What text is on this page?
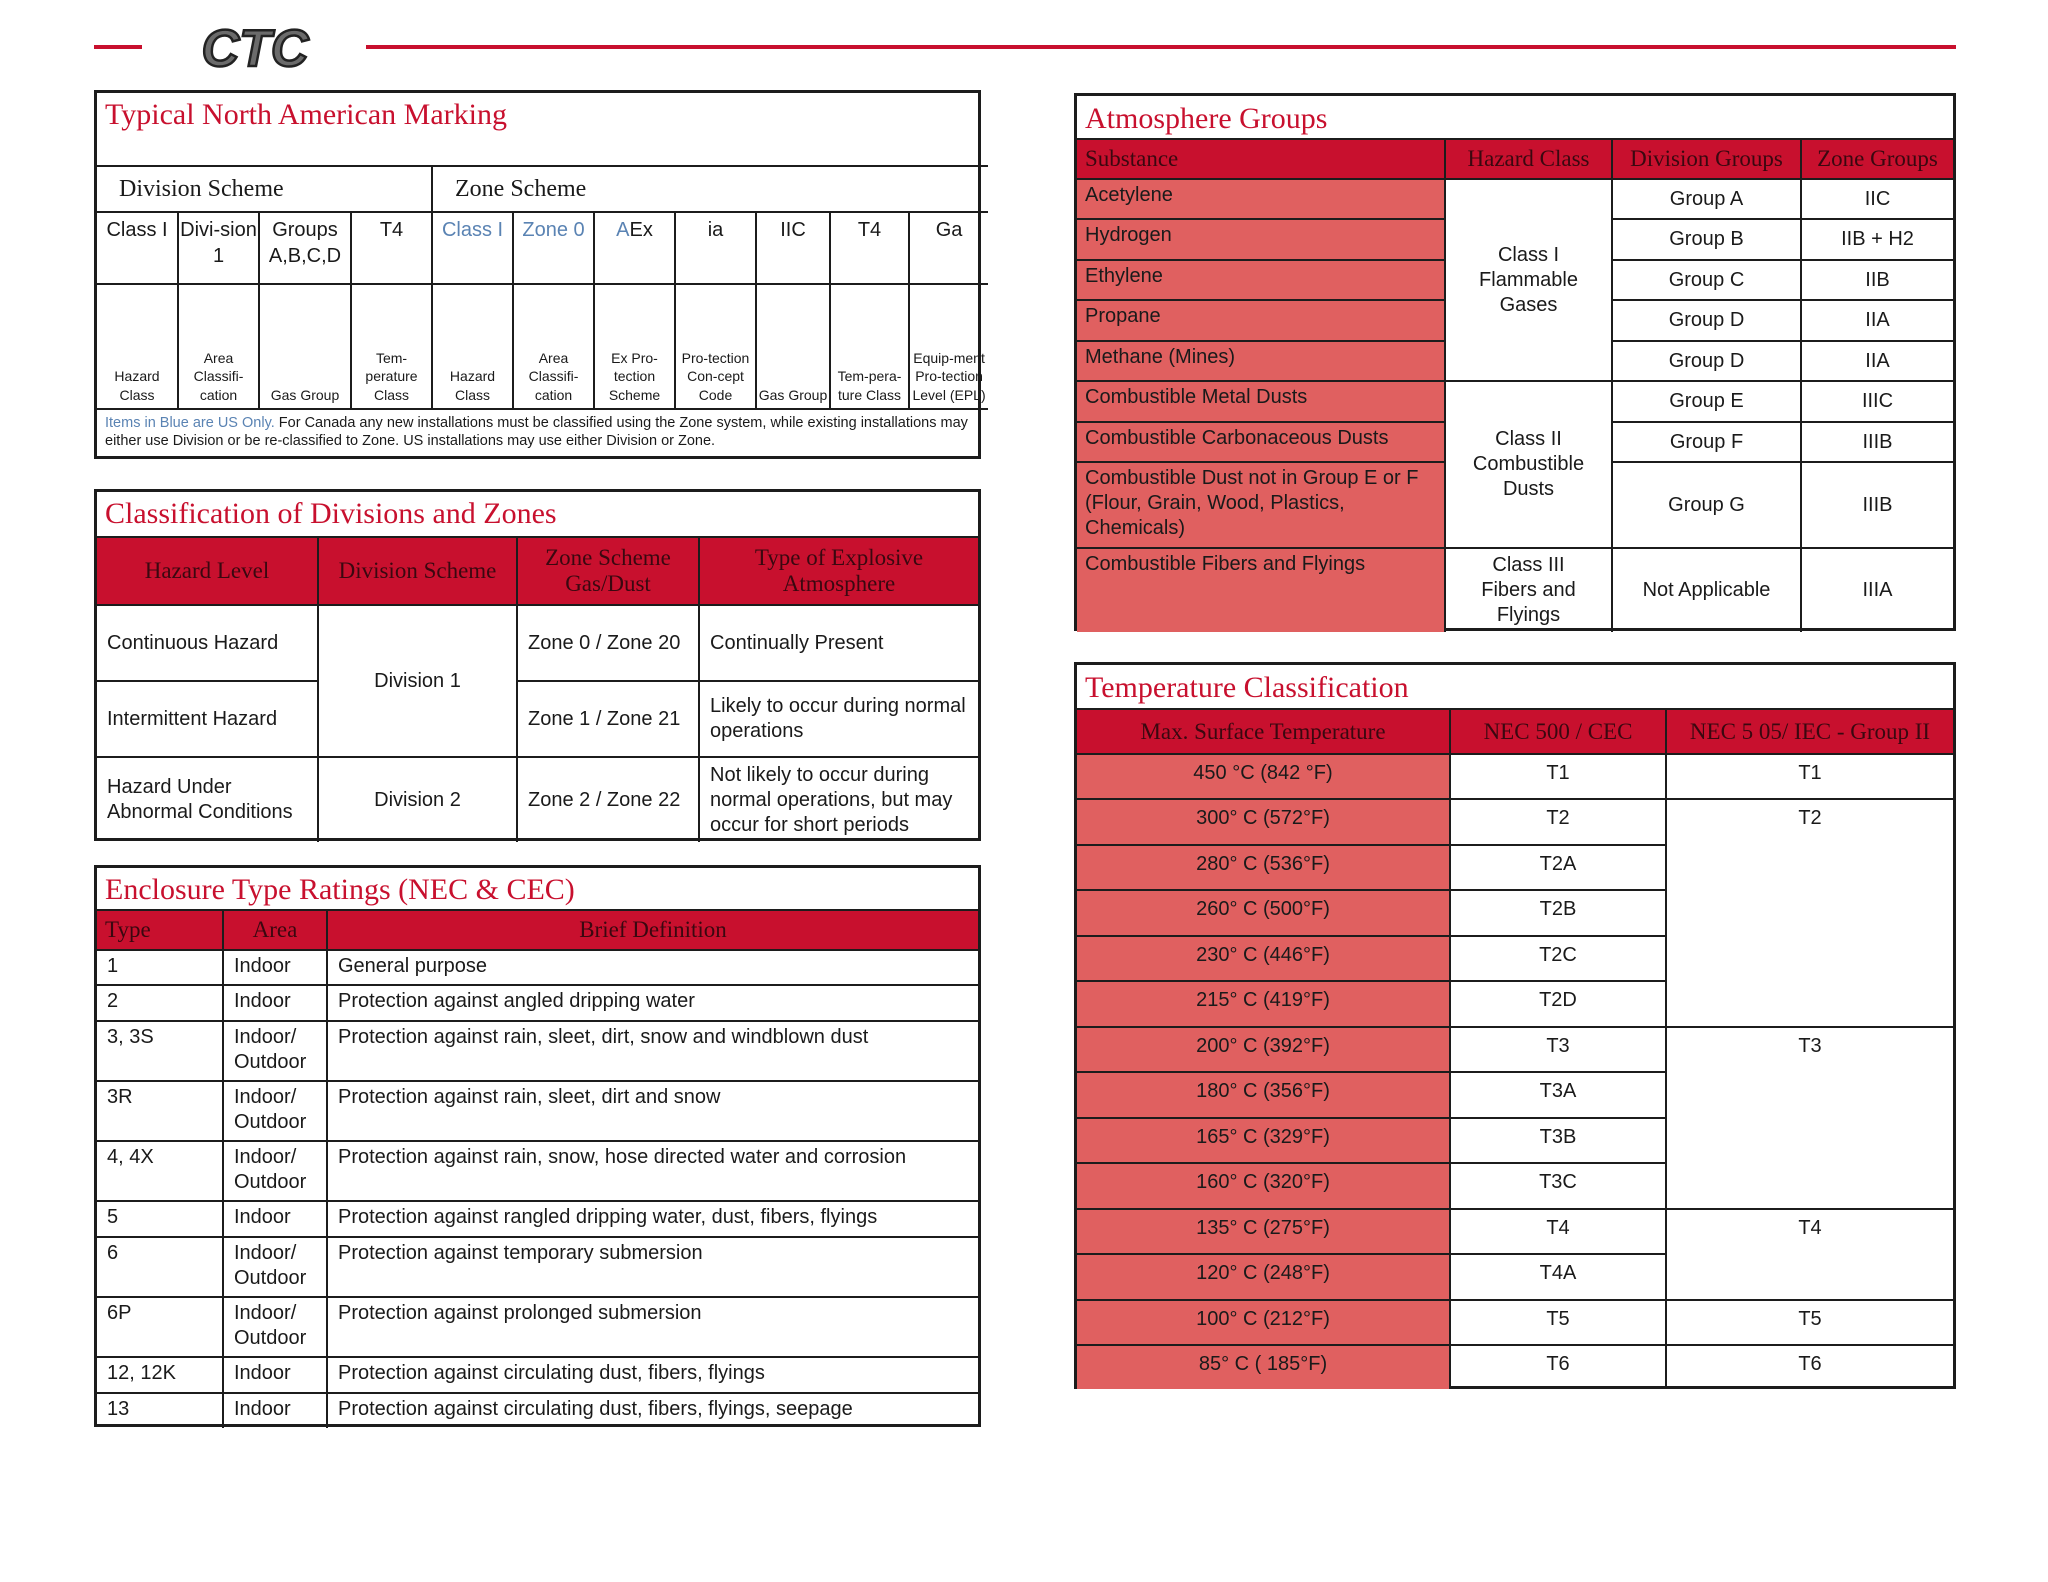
CTC
Typical North American Marking										

Division Scheme				Zone Scheme						
Class I	Divi-sion 1	Groups A,B,C,D	T4	Class I	Zone 0	AEx	ia	IIC	T4	Ga
Hazard Class	Area Classifi-cation	Gas Group	Tem-perature Class	Hazard Class	Area Classifi-cation	Ex Pro-tection Scheme	Pro-tection Con-cept Code	Gas Group	Tem-pera-ture Class	Equip-ment Pro-tection Level (EPL)
Items in Blue are US Only. For Canada any new installations must be classified using the Zone system, while existing installations may either use Division or be re-classified to Zone. US installations may use either Division or Zone.										
Classification of Divisions and Zones
Hazard Level	Division Scheme	Zone Scheme Gas/Dust	Type of Explosive Atmosphere
Continuous Hazard	Division 1	Zone 0 / Zone 20	Continually Present
Intermittent Hazard		Zone 1 / Zone 21	Likely to occur during normal operations
Hazard Under Abnormal Conditions	Division 2	Zone 2 / Zone 22	Not likely to occur during normal operations, but may occur for short periods
Enclosure Type Ratings (NEC & CEC)
Type	Area	Brief Definition
1	Indoor	General purpose
2	Indoor	Protection against angled dripping water
3, 3S	Indoor/ Outdoor	Protection against rain, sleet, dirt, snow and windblown dust
3R	Indoor/ Outdoor	Protection against rain, sleet, dirt and snow
4, 4X	Indoor/ Outdoor	Protection against rain, snow, hose directed water and corrosion
5	Indoor	Protection against rangled dripping water, dust, fibers, flyings
6	Indoor/ Outdoor	Protection against temporary submersion
6P	Indoor/ Outdoor	Protection against prolonged submersion
12, 12K	Indoor	Protection against circulating dust, fibers, flyings
13	Indoor	Protection against circulating dust, fibers, flyings, seepage
Atmosphere Groups
Substance	Hazard Class	Division Groups	Zone Groups
Acetylene	Class I Flammable Gases	Group A	IIC
Hydrogen		Group B	IIB + H2
Ethylene		Group C	IIB
Propane		Group D	IIA
Methane (Mines)		Group D	IIA
Combustible Metal Dusts	Class II Combustible Dusts	Group E	IIIC
Combustible Carbonaceous Dusts		Group F	IIIB
Combustible Dust not in Group E or F (Flour, Grain, Wood, Plastics, Chemicals)		Group G	IIIB
Combustible Fibers and Flyings	Class III Fibers and Flyings	Not Applicable	IIIA
Temperature Classification
Max. Surface Temperature	NEC 500 / CEC	NEC 5 05/ IEC - Group II
450 °C (842 °F)	T1	T1
300° C (572°F)	T2	T2
280° C (536°F)	T2A	
260° C (500°F)	T2B	
230° C (446°F)	T2C	
215° C (419°F)	T2D	
200° C (392°F)	T3	T3
180° C (356°F)	T3A	
165° C (329°F)	T3B	
160° C (320°F)	T3C	
135° C (275°F)	T4	T4
120° C (248°F)	T4A	
100° C (212°F)	T5	T5
85° C ( 185°F)	T6	T6
